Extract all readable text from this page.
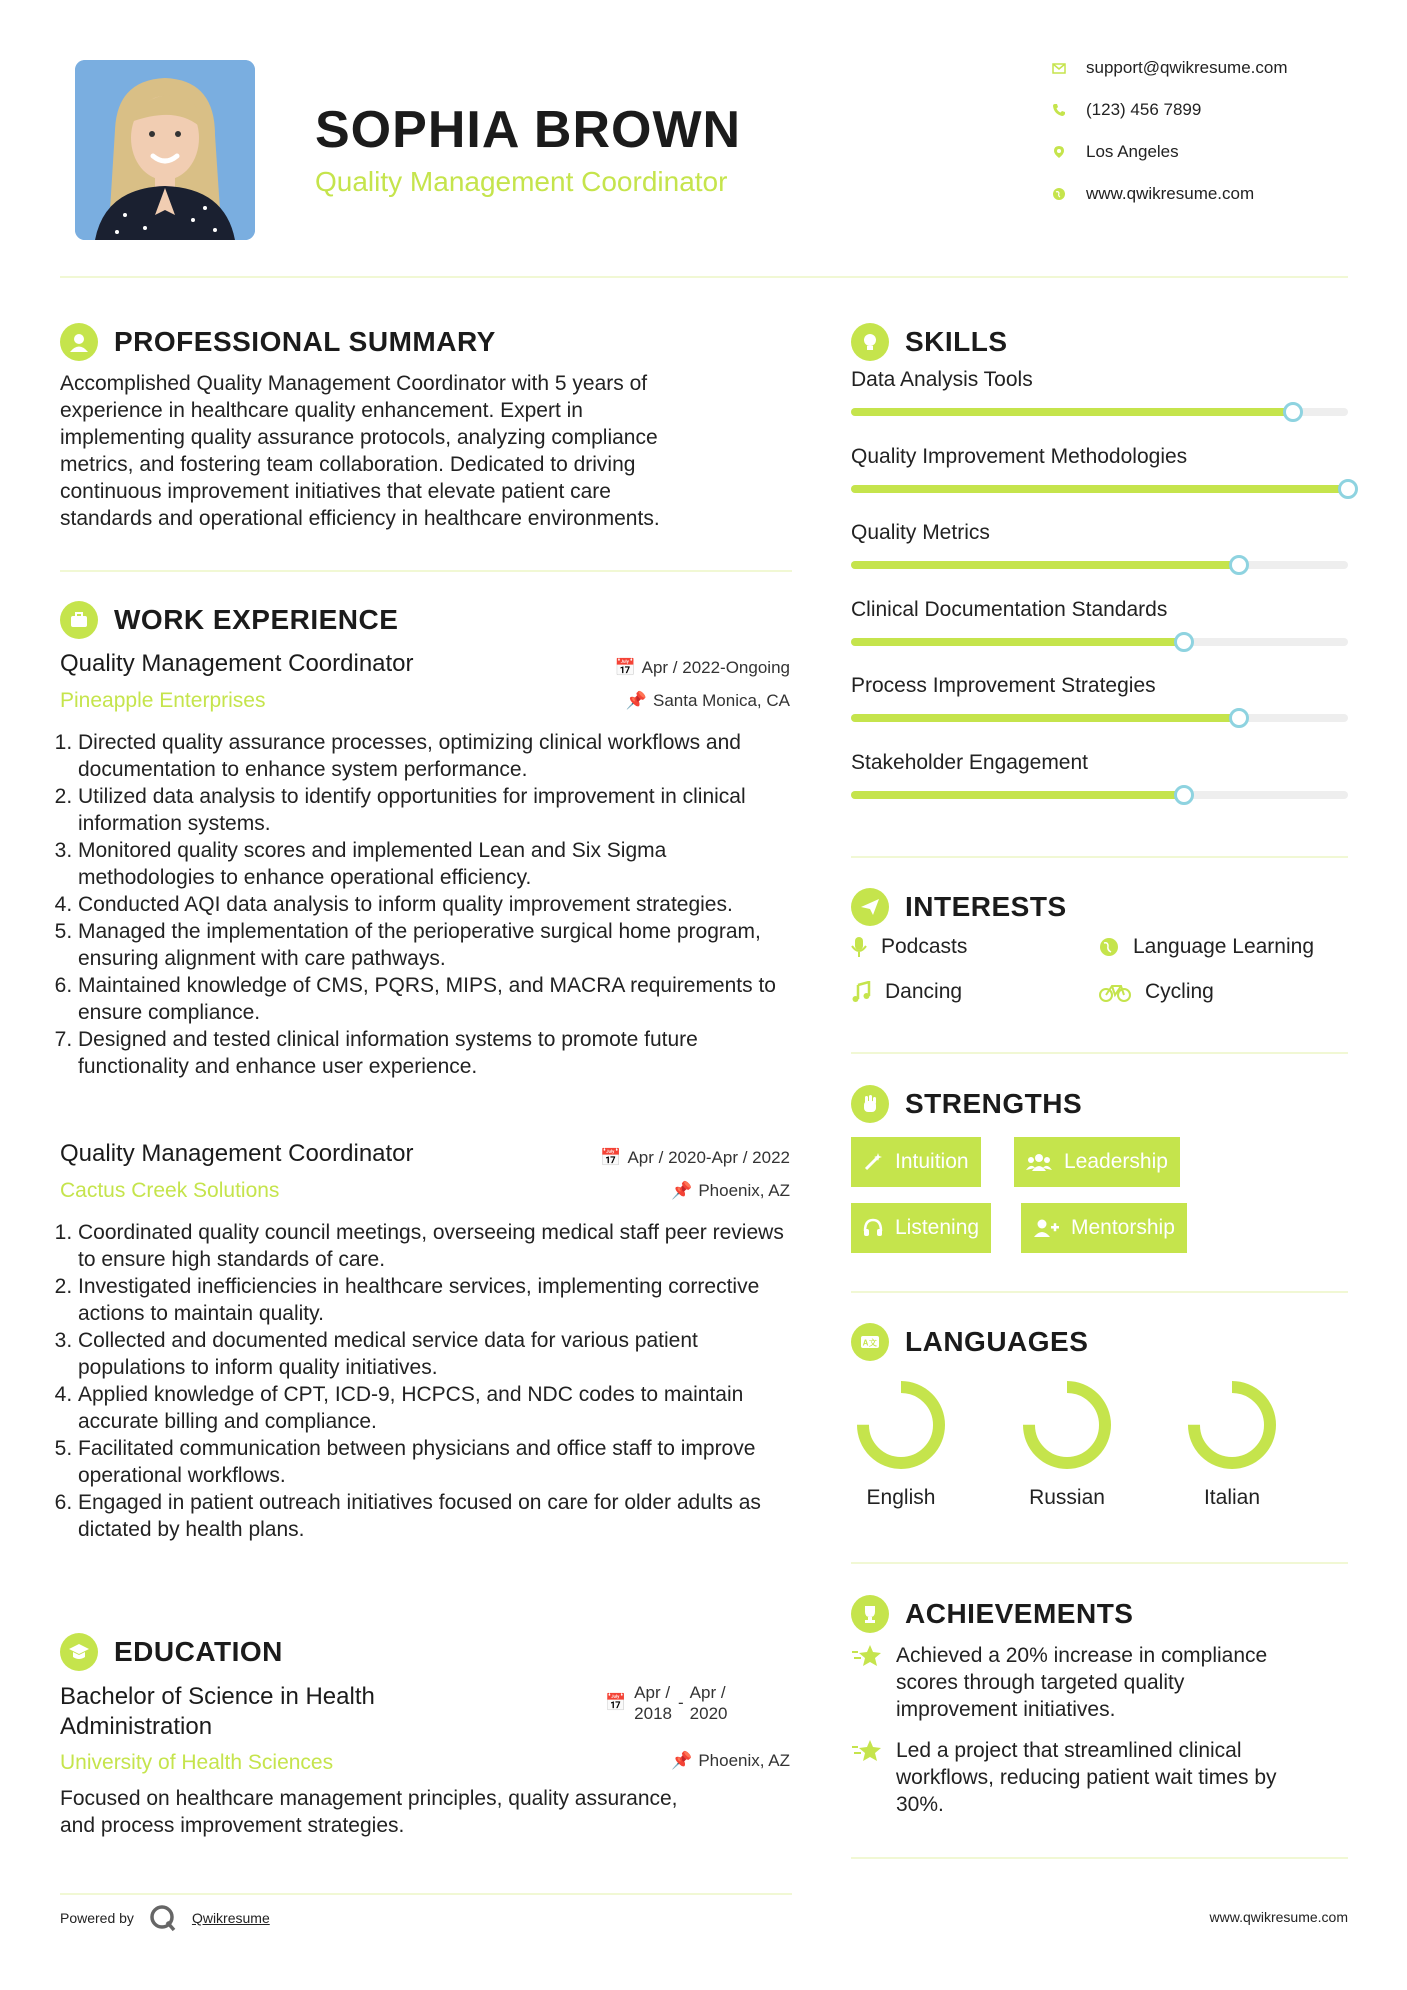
SOPHIA BROWN
Quality Management Coordinator
support@qwikresume.com
(123) 456 7899
Los Angeles
www.qwikresume.com
PROFESSIONAL SUMMARY
Accomplished Quality Management Coordinator with 5 years of
experience in healthcare quality enhancement. Expert in
implementing quality assurance protocols, analyzing compliance
metrics, and fostering team collaboration. Dedicated to driving
continuous improvement initiatives that elevate patient care
standards and operational efficiency in healthcare environments.
WORK EXPERIENCE
Quality Management Coordinator
Pineapple Enterprises
📅 Apr / 2022-Ongoing
📌 Santa Monica, CA
1. Directed quality assurance processes, optimizing clinical workflows and documentation to enhance system performance.
2. Utilized data analysis to identify opportunities for improvement in clinical information systems.
3. Monitored quality scores and implemented Lean and Six Sigma methodologies to enhance operational efficiency.
4. Conducted AQI data analysis to inform quality improvement strategies.
5. Managed the implementation of the perioperative surgical home program, ensuring alignment with care pathways.
6. Maintained knowledge of CMS, PQRS, MIPS, and MACRA requirements to ensure compliance.
7. Designed and tested clinical information systems to promote future functionality and enhance user experience.
Quality Management Coordinator
Cactus Creek Solutions
📅 Apr / 2020-Apr / 2022
📌 Phoenix, AZ
1. Coordinated quality council meetings, overseeing medical staff peer reviews to ensure high standards of care.
2. Investigated inefficiencies in healthcare services, implementing corrective actions to maintain quality.
3. Collected and documented medical service data for various patient populations to inform quality initiatives.
4. Applied knowledge of CPT, ICD-9, HCPCS, and NDC codes to maintain accurate billing and compliance.
5. Facilitated communication between physicians and office staff to improve operational workflows.
6. Engaged in patient outreach initiatives focused on care for older adults as dictated by health plans.
EDUCATION
Bachelor of Science in Health
Administration
University of Health Sciences
📅
Apr /
2018
-
Apr /
2020
📌 Phoenix, AZ
Focused on healthcare management principles, quality assurance,
and process improvement strategies.
SKILLS
Data Analysis Tools
Quality Improvement Methodologies
Quality Metrics
Clinical Documentation Standards
Process Improvement Strategies
Stakeholder Engagement
INTERESTS
Podcasts	Language Learning
Dancing	Cycling
STRENGTHS
Intuition	Leadership
Listening	Mentorship
A文 LANGUAGES
English	Russian	Italian
ACHIEVEMENTS
Achieved a 20% increase in compliance
scores through targeted quality
improvement initiatives.
Led a project that streamlined clinical
workflows, reducing patient wait times by
30%.
Powered by	Qwikresume	www.qwikresume.com
